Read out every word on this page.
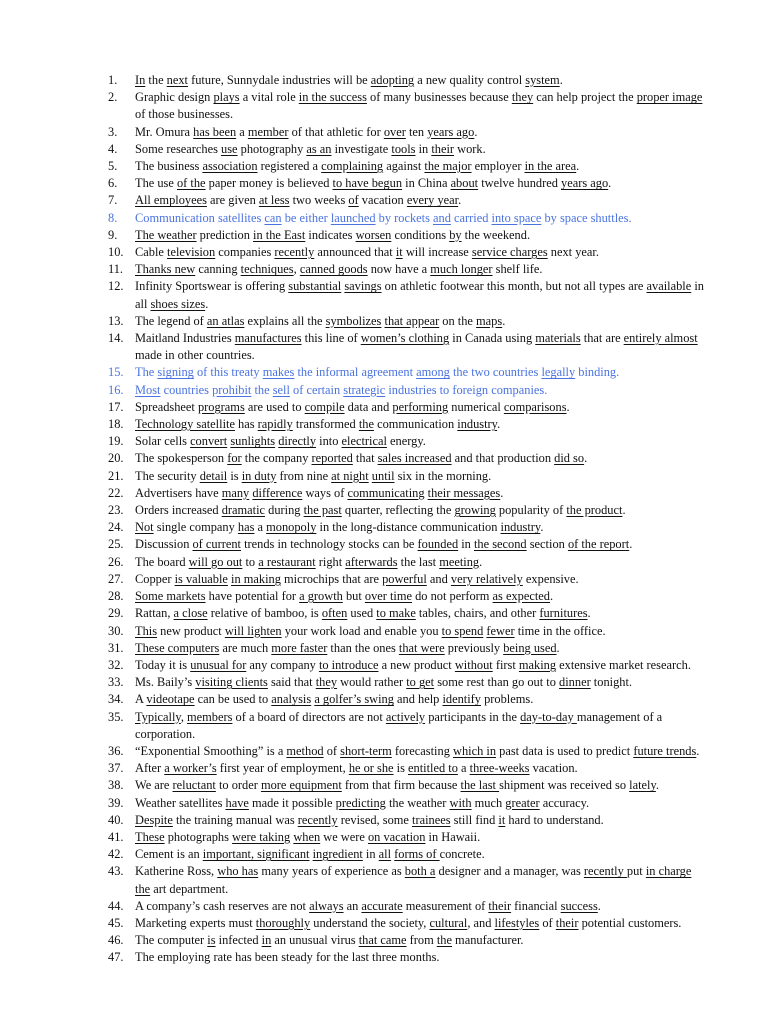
1.	In the next future, Sunnydale industries will be adopting a new quality control system.
2.	Graphic design plays a vital role in the success of many businesses because they can help project the proper image of those businesses.
3.	Mr. Omura has been a member of that athletic for over ten years ago.
4.	Some researches use photography as an investigate tools in their work.
5.	The business association registered a complaining against the major employer in the area.
6.	The use of the paper money is believed to have begun in China about twelve hundred years ago.
7.	All employees are given at less two weeks of vacation every year.
8.	Communication satellites can be either launched by rockets and carried into space by space shuttles.
9.	The weather prediction in the East indicates worsen conditions by the weekend.
10. Cable television companies recently announced that it will increase service charges next year.
11. Thanks new canning techniques, canned goods now have a much longer shelf life.
12. Infinity Sportswear is offering substantial savings on athletic footwear this month, but not all types are available in all shoes sizes.
13. The legend of an atlas explains all the symbolizes that appear on the maps.
14. Maitland Industries manufactures this line of women’s clothing in Canada using materials that are entirely almost made in other countries.
15. The signing of this treaty makes the informal agreement among the two countries legally binding.
16. Most countries prohibit the sell of certain strategic industries to foreign companies.
17. Spreadsheet programs are used to compile data and performing numerical comparisons.
18. Technology satellite has rapidly transformed the communication industry.
19. Solar cells convert sunlights directly into electrical energy.
20. The spokesperson for the company reported that sales increased and that production did so.
21. The security detail is in duty from nine at night until six in the morning.
22. Advertisers have many difference ways of communicating their messages.
23. Orders increased dramatic during the past quarter, reflecting the growing popularity of the product.
24. Not single company has a monopoly in the long-distance communication industry.
25. Discussion of current trends in technology stocks can be founded in the second section of the report.
26. The board will go out to a restaurant right afterwards the last meeting.
27. Copper is valuable in making microchips that are powerful and very relatively expensive.
28. Some markets have potential for a growth but over time do not perform as expected.
29. Rattan, a close relative of bamboo, is often used to make tables, chairs, and other furnitures.
30. This new product will lighten your work load and enable you to spend fewer time in the office.
31. These computers are much more faster than the ones that were previously being used.
32. Today it is unusual for any company to introduce a new product without first making extensive market research.
33. Ms. Baily’s visiting clients said that they would rather to get some rest than go out to dinner tonight.
34. A videotape can be used to analysis a golfer’s swing and help identify problems.
35. Typically, members of a board of directors are not actively participants in the day-to-day management of a corporation.
36. “Exponential Smoothing” is a method of short-term forecasting which in past data is used to predict future trends.
37. After a worker’s first year of employment, he or she is entitled to a three-weeks vacation.
38. We are reluctant to order more equipment from that firm because the last shipment was received so lately.
39. Weather satellites have made it possible predicting the weather with much greater accuracy.
40. Despite the training manual was recently revised, some trainees still find it hard to understand.
41. These photographs were taking when we were on vacation in Hawaii.
42. Cement is an important, significant ingredient in all forms of concrete.
43. Katherine Ross, who has many years of experience as both a designer and a manager, was recently put in charge the art department.
44. A company’s cash reserves are not always an accurate measurement of their financial success.
45. Marketing experts must thoroughly understand the society, cultural, and lifestyles of their potential customers.
46. The computer is infected in an unusual virus that came from the manufacturer.
47. The employing rate has been steady for the last three months.
